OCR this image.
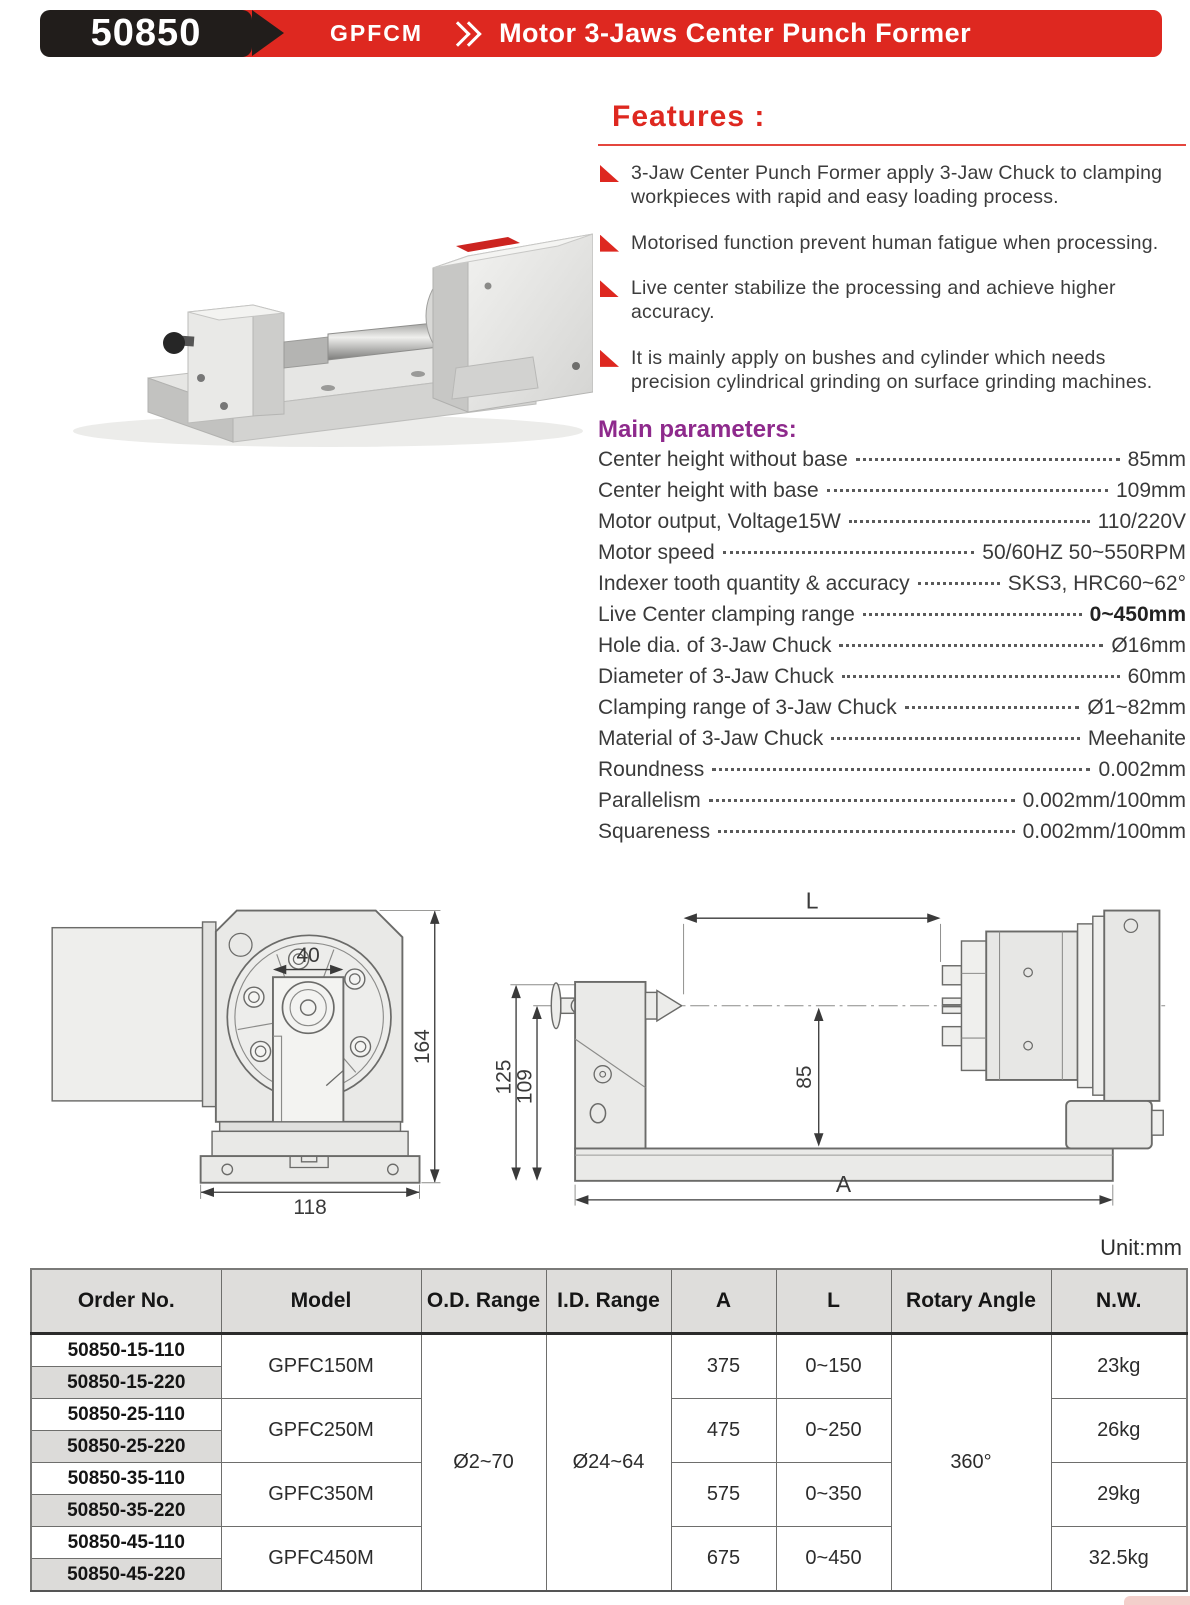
50850	GPFCM	Motor 3-Jaws Center Punch Former
Features :
3-Jaw Center Punch Former apply 3-Jaw Chuck to clamping workpieces with rapid and easy loading process.
Motorised function prevent human fatigue when processing.
Live center stabilize the processing and achieve higher accuracy.
It is mainly apply on bushes and cylinder which needs precision cylindrical grinding on surface grinding machines.
Main parameters:
Center height without base	85mm
Center height with base	109mm
Motor output, Voltage15W	110/220V
Motor speed	50/60HZ 50~550RPM
Indexer tooth quantity & accuracy	SKS3, HRC60~62°
Live Center clamping range	0~450mm
Hole dia. of 3-Jaw Chuck	Ø16mm
Diameter of 3-Jaw Chuck	60mm
Clamping range of 3-Jaw Chuck	Ø1~82mm
Material of 3-Jaw Chuck	Meehanite
Roundness	0.002mm
Parallelism	0.002mm/100mm
Squareness	0.002mm/100mm
40
164
118
125
109
L
85
A
Unit:mm
Order No.	Model	O.D. Range	I.D. Range	A	L	Rotary Angle	N.W.
50850-15-110	GPFC150M	Ø2~70	Ø24~64	375	0~150	360°	23kg
50850-15-220							
50850-25-110	GPFC250M			475	0~250		26kg
50850-25-220							
50850-35-110	GPFC350M			575	0~350		29kg
50850-35-220							
50850-45-110	GPFC450M			675	0~450		32.5kg
50850-45-220							
